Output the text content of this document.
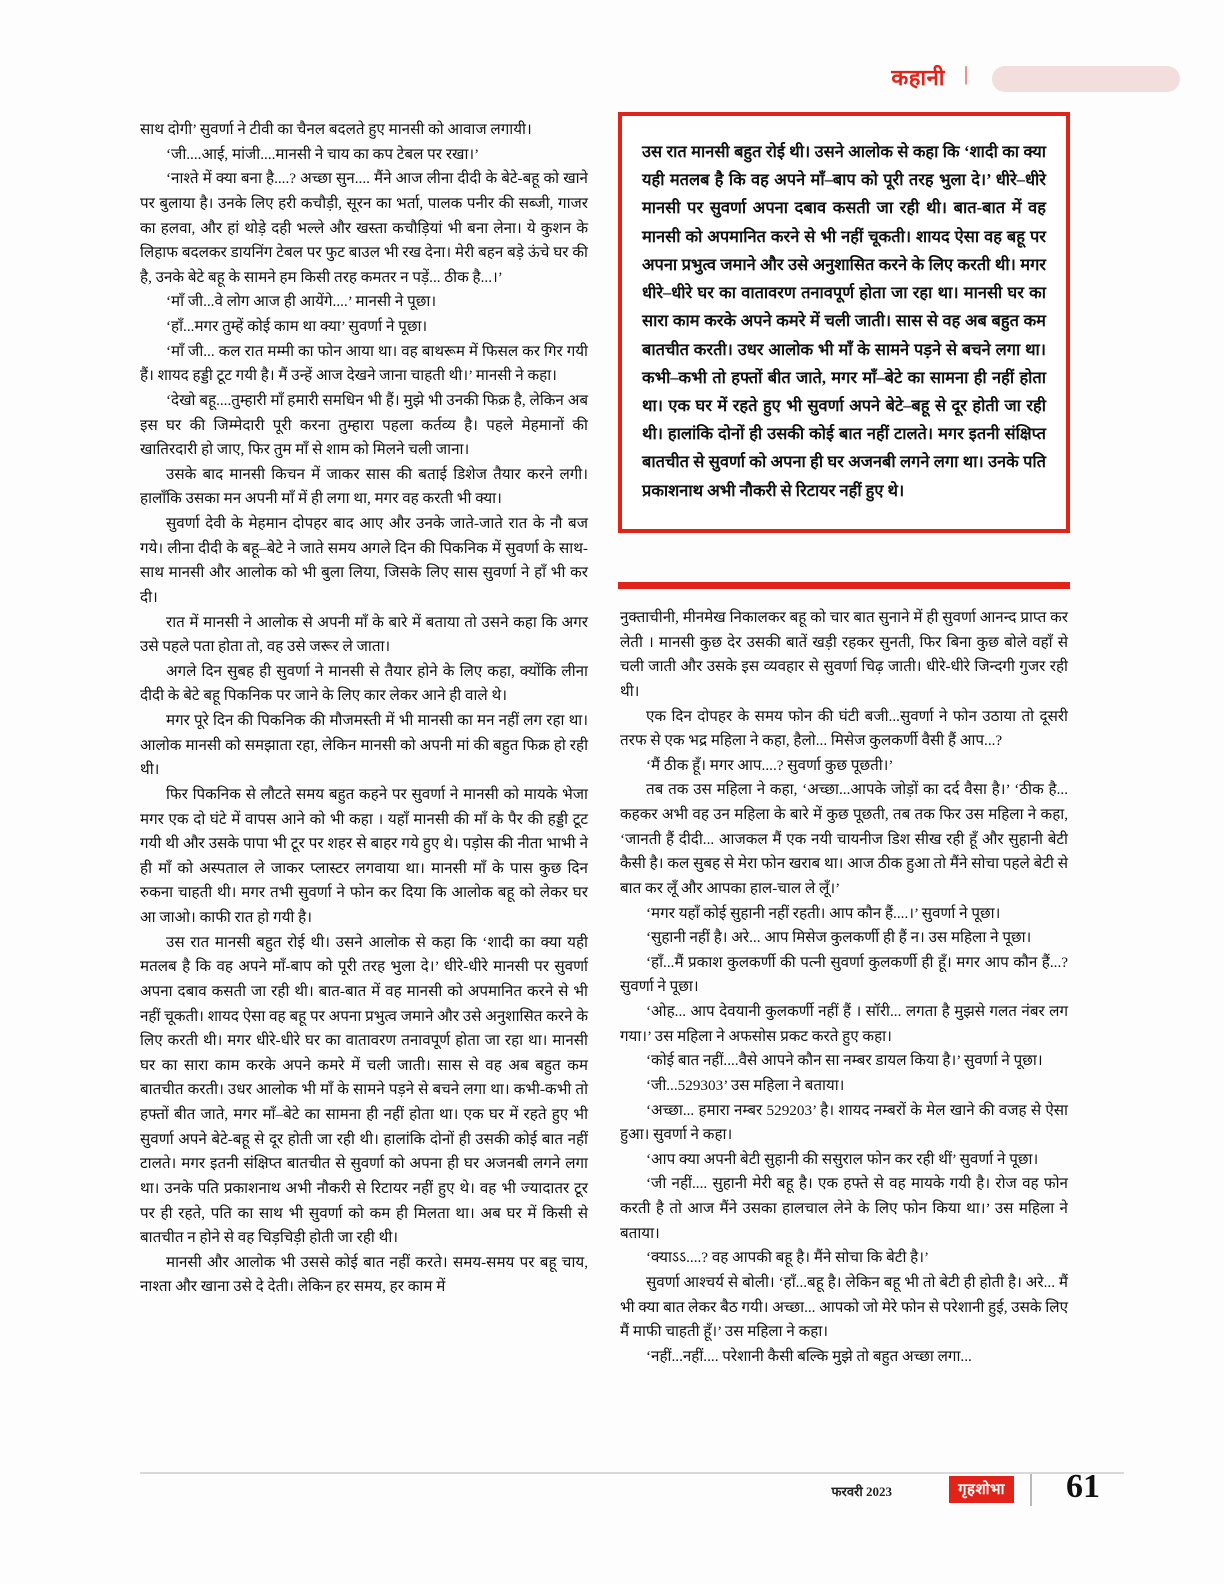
कहानी |

साथ दोगी’ सुवर्णा ने टीवी का चैनल बदलते हुए मानसी को आवाज लगायी।

‘जी....आई, मांजी....मानसी ने चाय का कप टेबल पर रखा।’

‘नाश्ते में क्या बना है....? अच्छा सुन.... मैंने आज लीना दीदी के बेटे-बहू को खाने पर बुलाया है। उनके लिए हरी कचौड़ी, सूरन का भर्ता, पालक पनीर की सब्जी, गाजर का हलवा, और हां थोड़े दही भल्ले और खस्ता कचौड़ियां भी बना लेना। ये कुशन के लिहाफ बदलकर डायनिंग टेबल पर फुट बाउल भी रख देना। मेरी बहन बड़े ऊंचे घर की है, उनके बेटे बहू के सामने हम किसी तरह कमतर न पड़ें... ठीक है...।’

‘माँ जी...वे लोग आज ही आयेंगे....’ मानसी ने पूछा।

‘हाँ...मगर तुम्हें कोई काम था क्या’ सुवर्णा ने पूछा।

‘माँ जी... कल रात मम्मी का फोन आया था। वह बाथरूम में फिसल कर गिर गयी हैं। शायद हड्डी टूट गयी है। मैं उन्हें आज देखने जाना चाहती थी।’ मानसी ने कहा।

‘देखो बहू....तुम्हारी माँ हमारी समधिन भी हैं। मुझे भी उनकी फिक्र है, लेकिन अब इस घर की जिम्मेदारी पूरी करना तुम्हारा पहला कर्तव्य है। पहले मेहमानों की खातिरदारी हो जाए, फिर तुम माँ से शाम को मिलने चली जाना।

उसके बाद मानसी किचन में जाकर सास की बताई डिशेज तैयार करने लगी। हालाँकि उसका मन अपनी माँ में ही लगा था, मगर वह करती भी क्या।

सुवर्णा देवी के मेहमान दोपहर बाद आए और उनके जाते-जाते रात के नौ बज गये। लीना दीदी के बहू–बेटे ने जाते समय अगले दिन की पिकनिक में सुवर्णा के साथ-साथ मानसी और आलोक को भी बुला लिया, जिसके लिए सास सुवर्णा ने हाँ भी कर दी।

रात में मानसी ने आलोक से अपनी माँ के बारे में बताया तो उसने कहा कि अगर उसे पहले पता होता तो, वह उसे जरूर ले जाता।

अगले दिन सुबह ही सुवर्णा ने मानसी से तैयार होने के लिए कहा, क्योंकि लीना दीदी के बेटे बहू पिकनिक पर जाने के लिए कार लेकर आने ही वाले थे।

मगर पूरे दिन की पिकनिक की मौजमस्ती में भी मानसी का मन नहीं लग रहा था। आलोक मानसी को समझाता रहा, लेकिन मानसी को अपनी मां की बहुत फिक्र हो रही थी।

फिर पिकनिक से लौटते समय बहुत कहने पर सुवर्णा ने मानसी को मायके भेजा मगर एक दो घंटे में वापस आने को भी कहा । यहाँ मानसी की माँ के पैर की हड्डी टूट गयी थी और उसके पापा भी टूर पर शहर से बाहर गये हुए थे। पड़ोस की नीता भाभी ने ही माँ को अस्पताल ले जाकर प्लास्टर लगवाया था। मानसी माँ के पास कुछ दिन रुकना चाहती थी। मगर तभी सुवर्णा ने फोन कर दिया कि आलोक बहू को लेकर घर आ जाओ। काफी रात हो गयी है।

उस रात मानसी बहुत रोई थी। उसने आलोक से कहा कि ‘शादी का क्या यही मतलब है कि वह अपने माँ-बाप को पूरी तरह भुला दे।’ धीरे-धीरे मानसी पर सुवर्णा अपना दबाव कसती जा रही थी। बात-बात में वह मानसी को अपमानित करने से भी नहीं चूकती। शायद ऐसा वह बहू पर अपना प्रभुत्व जमाने और उसे अनुशासित करने के लिए करती थी। मगर धीरे-धीरे घर का वातावरण तनावपूर्ण होता जा रहा था। मानसी घर का सारा काम करके अपने कमरे में चली जाती। सास से वह अब बहुत कम बातचीत करती। उधर आलोक भी माँ के सामने पड़ने से बचने लगा था। कभी-कभी तो हफ्तों बीत जाते, मगर माँ–बेटे का सामना ही नहीं होता था। एक घर में रहते हुए भी सुवर्णा अपने बेटे-बहू से दूर होती जा रही थी। हालांकि दोनों ही उसकी कोई बात नहीं टालते। मगर इतनी संक्षिप्त बातचीत से सुवर्णा को अपना ही घर अजनबी लगने लगा था। उनके पति प्रकाशनाथ अभी नौकरी से रिटायर नहीं हुए थे। वह भी ज्यादातर टूर पर ही रहते, पति का साथ भी सुवर्णा को कम ही मिलता था। अब घर में किसी से बातचीत न होने से वह चिड़चिड़ी होती जा रही थी।

मानसी और आलोक भी उससे कोई बात नहीं करते। समय-समय पर बहू चाय, नाश्ता और खाना उसे दे देती। लेकिन हर समय, हर काम में

उस रात मानसी बहुत रोई थी। उसने आलोक से कहा कि ‘शादी का क्या यही मतलब है कि वह अपने माँ–बाप को पूरी तरह भुला दे।’ धीरे–धीरे मानसी पर सुवर्णा अपना दबाव कसती जा रही थी। बात-बात में वह मानसी को अपमानित करने से भी नहीं चूकती। शायद ऐसा वह बहू पर अपना प्रभुत्व जमाने और उसे अनुशासित करने के लिए करती थी। मगर धीरे–धीरे घर का वातावरण तनावपूर्ण होता जा रहा था। मानसी घर का सारा काम करके अपने कमरे में चली जाती। सास से वह अब बहुत कम बातचीत करती। उधर आलोक भी माँ के सामने पड़ने से बचने लगा था। कभी–कभी तो हफ्तों बीत जाते, मगर माँ–बेटे का सामना ही नहीं होता था। एक घर में रहते हुए भी सुवर्णा अपने बेटे–बहू से दूर होती जा रही थी। हालांकि दोनों ही उसकी कोई बात नहीं टालते। मगर इतनी संक्षिप्त बातचीत से सुवर्णा को अपना ही घर अजनबी लगने लगा था। उनके पति प्रकाशनाथ अभी नौकरी से रिटायर नहीं हुए थे।

नुक्ताचीनी, मीनमेख निकालकर बहू को चार बात सुनाने में ही सुवर्णा आनन्द प्राप्त कर लेती । मानसी कुछ देर उसकी बातें खड़ी रहकर सुनती, फिर बिना कुछ बोले वहाँ से चली जाती और उसके इस व्यवहार से सुवर्णा चिढ़ जाती। धीरे-धीरे जिन्दगी गुजर रही थी।

एक दिन दोपहर के समय फोन की घंटी बजी...सुवर्णा ने फोन उठाया तो दूसरी तरफ से एक भद्र महिला ने कहा, हैलो... मिसेज कुलकर्णी वैसी हैं आप...?

‘मैं ठीक हूँ। मगर आप....? सुवर्णा कुछ पूछती।’

तब तक उस महिला ने कहा, ‘अच्छा...आपके जोड़ों का दर्द वैसा है।’ ‘ठीक है... कहकर अभी वह उन महिला के बारे में कुछ पूछती, तब तक फिर उस महिला ने कहा, ‘जानती हैं दीदी... आजकल मैं एक नयी चायनीज डिश सीख रही हूँ और सुहानी बेटी कैसी है। कल सुबह से मेरा फोन खराब था। आज ठीक हुआ तो मैंने सोचा पहले बेटी से बात कर लूँ और आपका हाल-चाल ले लूँ।’

‘मगर यहाँ कोई सुहानी नहीं रहती। आप कौन हैं....।’ सुवर्णा ने पूछा।

‘सुहानी नहीं है। अरे... आप मिसेज कुलकर्णी ही हैं न। उस महिला ने पूछा।

‘हाँ...मैं प्रकाश कुलकर्णी की पत्नी सुवर्णा कुलकर्णी ही हूँ। मगर आप कौन हैं...? सुवर्णा ने पूछा।

‘ओह... आप देवयानी कुलकर्णी नहीं हैं । सॉरी... लगता है मुझसे गलत नंबर लग गया।’ उस महिला ने अफसोस प्रकट करते हुए कहा।

‘कोई बात नहीं....वैसे आपने कौन सा नम्बर डायल किया है।’ सुवर्णा ने पूछा।

‘जी...529303’ उस महिला ने बताया।

‘अच्छा... हमारा नम्बर 529203’ है। शायद नम्बरों के मेल खाने की वजह से ऐसा हुआ। सुवर्णा ने कहा।

‘आप क्या अपनी बेटी सुहानी की ससुराल फोन कर रही थीं’ सुवर्णा ने पूछा।

‘जी नहीं.... सुहानी मेरी बहू है। एक हफ्ते से वह मायके गयी है। रोज वह फोन करती है तो आज मैंने उसका हालचाल लेने के लिए फोन किया था।’ उस महिला ने बताया।

‘क्याऽऽ....? वह आपकी बहू है। मैंने सोचा कि बेटी है।’

सुवर्णा आश्चर्य से बोली। ‘हाँ...बहू है। लेकिन बहू भी तो बेटी ही होती है। अरे... मैं भी क्या बात लेकर बैठ गयी। अच्छा... आपको जो मेरे फोन से परेशानी हुई, उसके लिए मैं माफी चाहती हूँ।’ उस महिला ने कहा।

‘नहीं...नहीं.... परेशानी कैसी बल्कि मुझे तो बहुत अच्छा लगा...

फरवरी 2023	गृहशोभा 61
